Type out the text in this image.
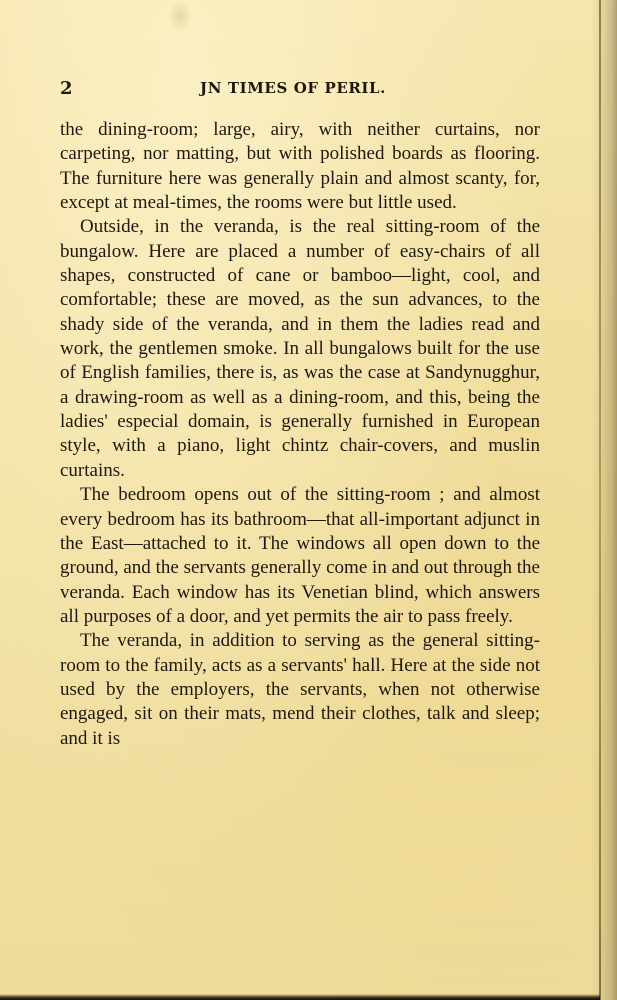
2	JN TIMES OF PERIL.

the dining-room; large, airy, with neither curtains, nor carpeting, nor matting, but with polished boards as flooring. The furniture here was generally plain and almost scanty, for, except at meal-times, the rooms were but little used.

Outside, in the veranda, is the real sitting-room of the bungalow. Here are placed a number of easy-chairs of all shapes, constructed of cane or bamboo—light, cool, and comfortable; these are moved, as the sun advances, to the shady side of the veranda, and in them the ladies read and work, the gentlemen smoke. In all bungalows built for the use of English families, there is, as was the case at Sandynugghur, a drawing-room as well as a dining-room, and this, being the ladies' especial domain, is generally furnished in European style, with a piano, light chintz chair-covers, and muslin curtains.

The bedroom opens out of the sitting-room ; and almost every bedroom has its bathroom—that all-important adjunct in the East—attached to it. The windows all open down to the ground, and the servants generally come in and out through the veranda. Each window has its Venetian blind, which answers all purposes of a door, and yet permits the air to pass freely.

The veranda, in addition to serving as the general sitting-room to the family, acts as a servants' hall. Here at the side not used by the employers, the servants, when not otherwise engaged, sit on their mats, mend their clothes, talk and sleep; and it is
